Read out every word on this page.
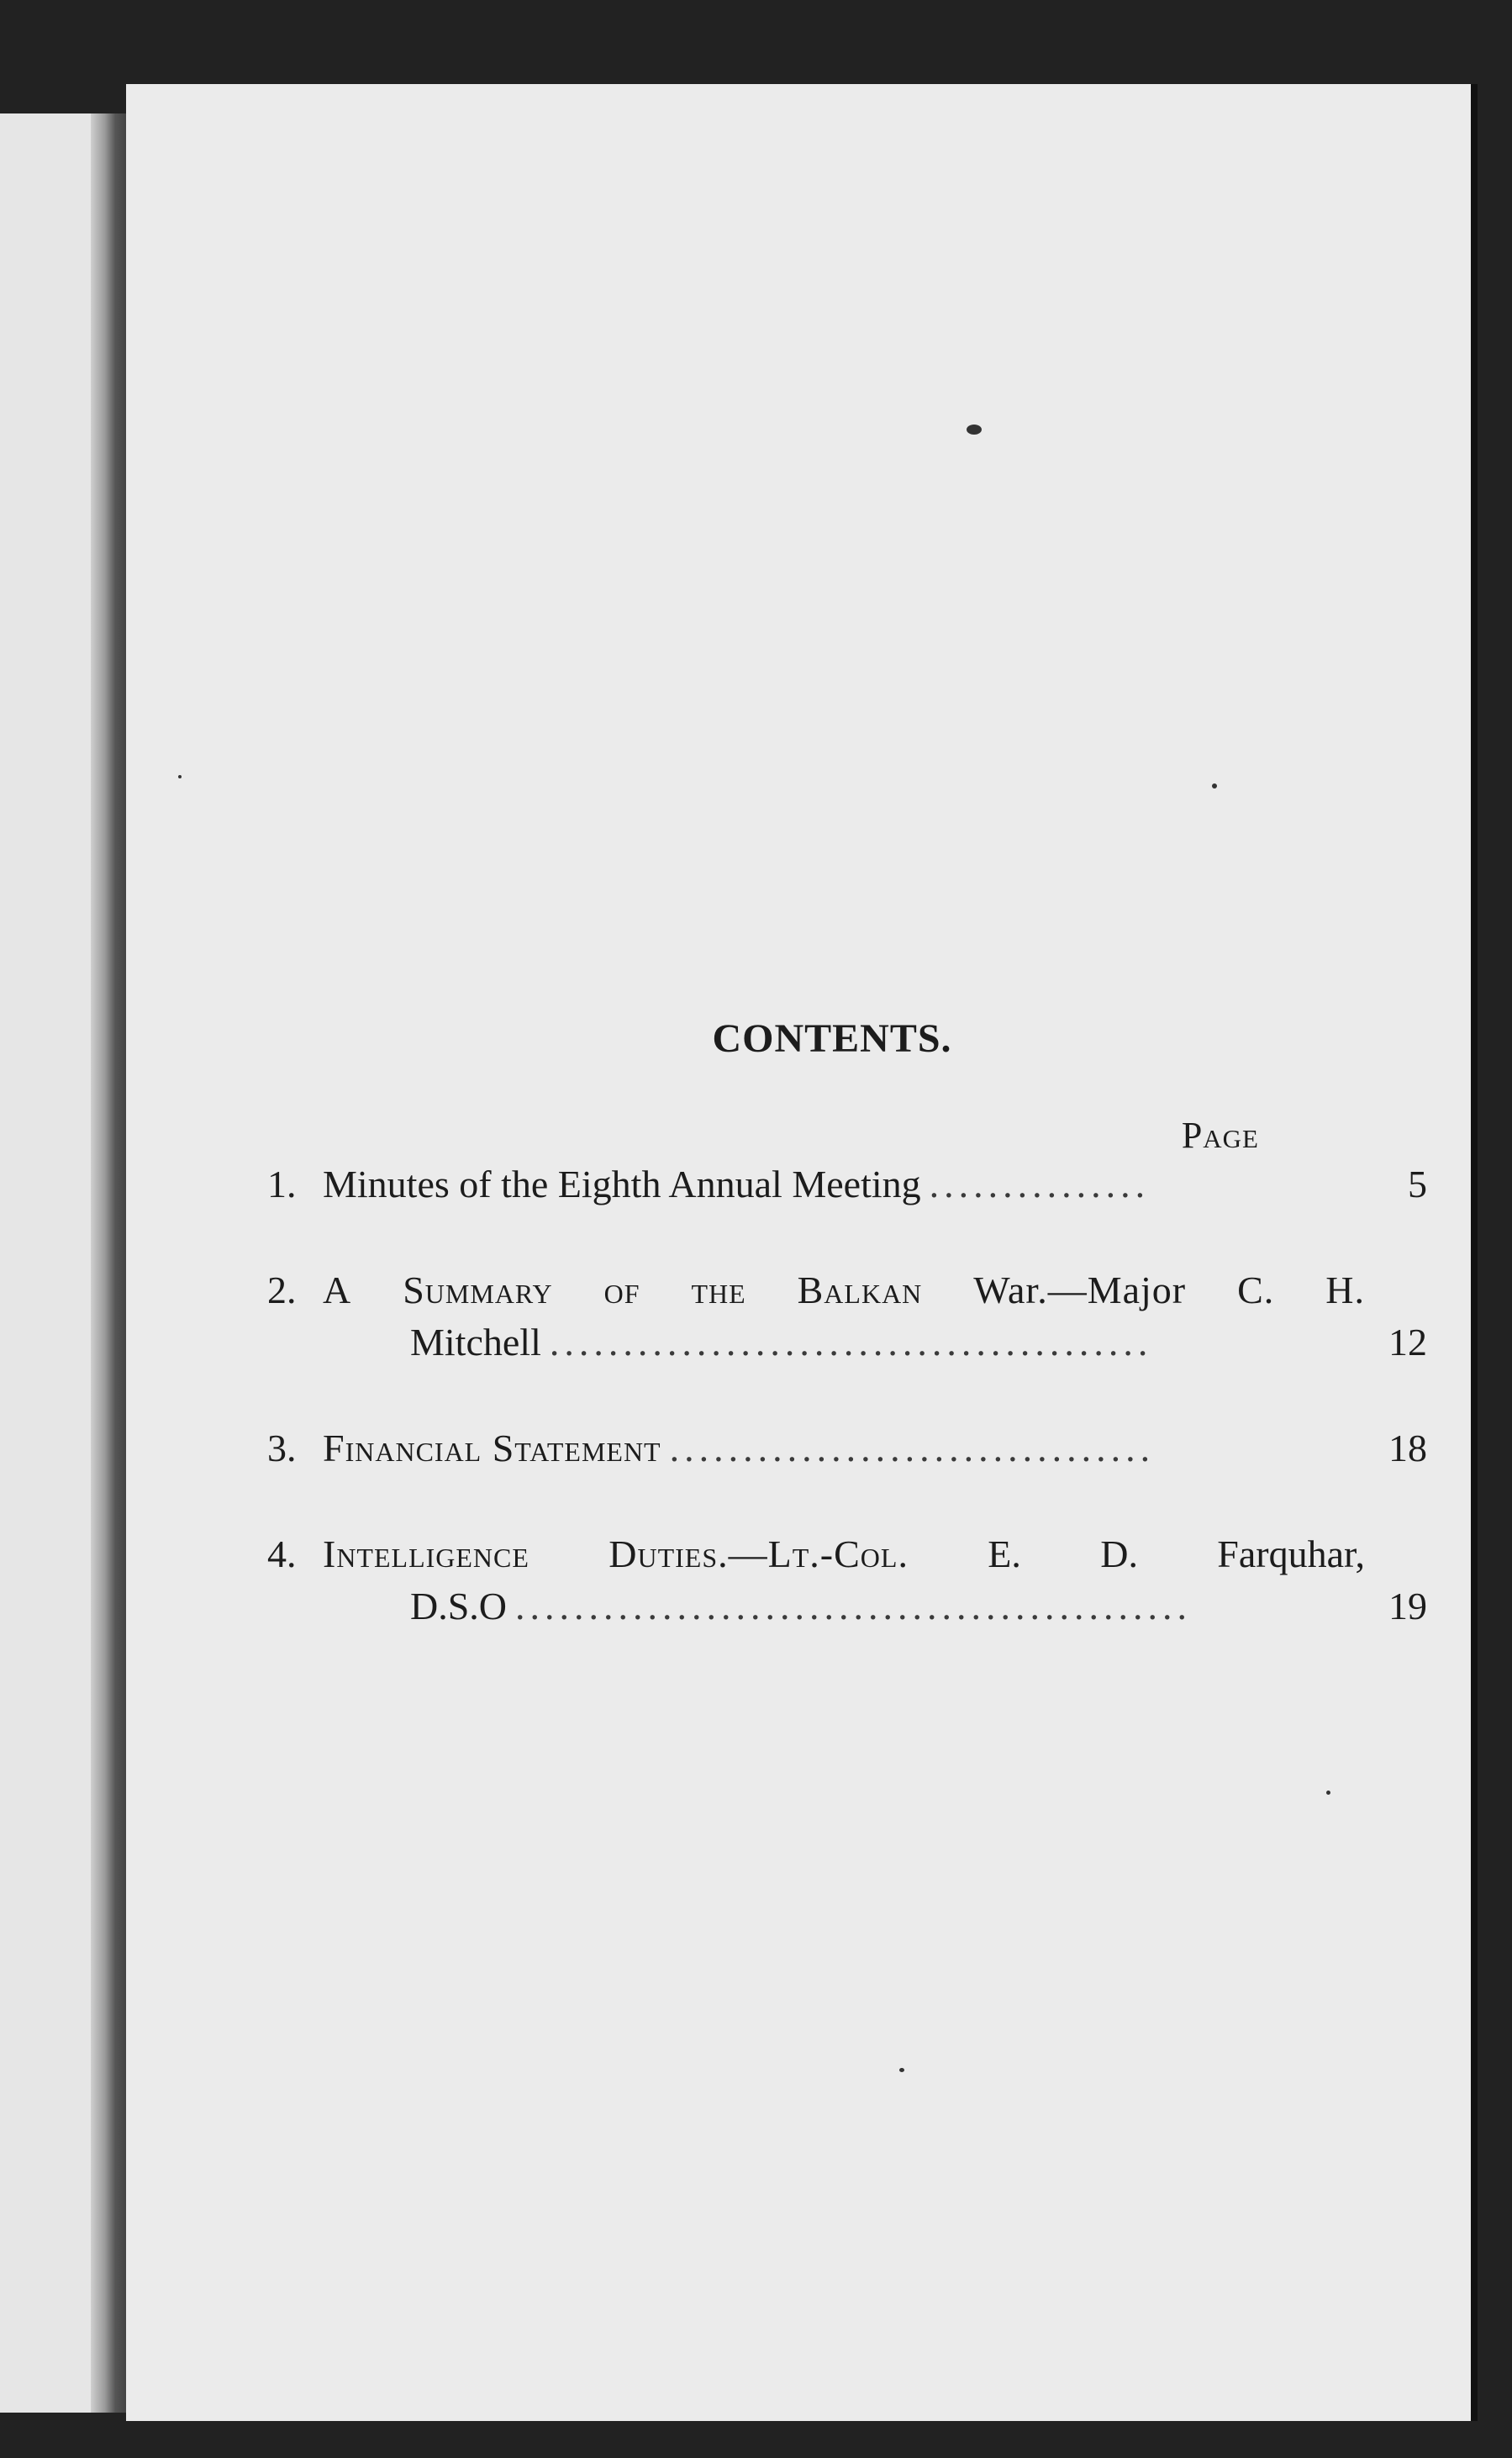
CONTENTS.
Page
1. Minutes of the Eighth Annual Meeting ...............	5
2. A Summary of the Balkan War.—Major C. H.
Mitchell .........................................	12
3. Financial Statement .................................	18
4. Intelligence Duties.—Lt.-Col. E. D. Farquhar,
D.S.O ..............................................	19
